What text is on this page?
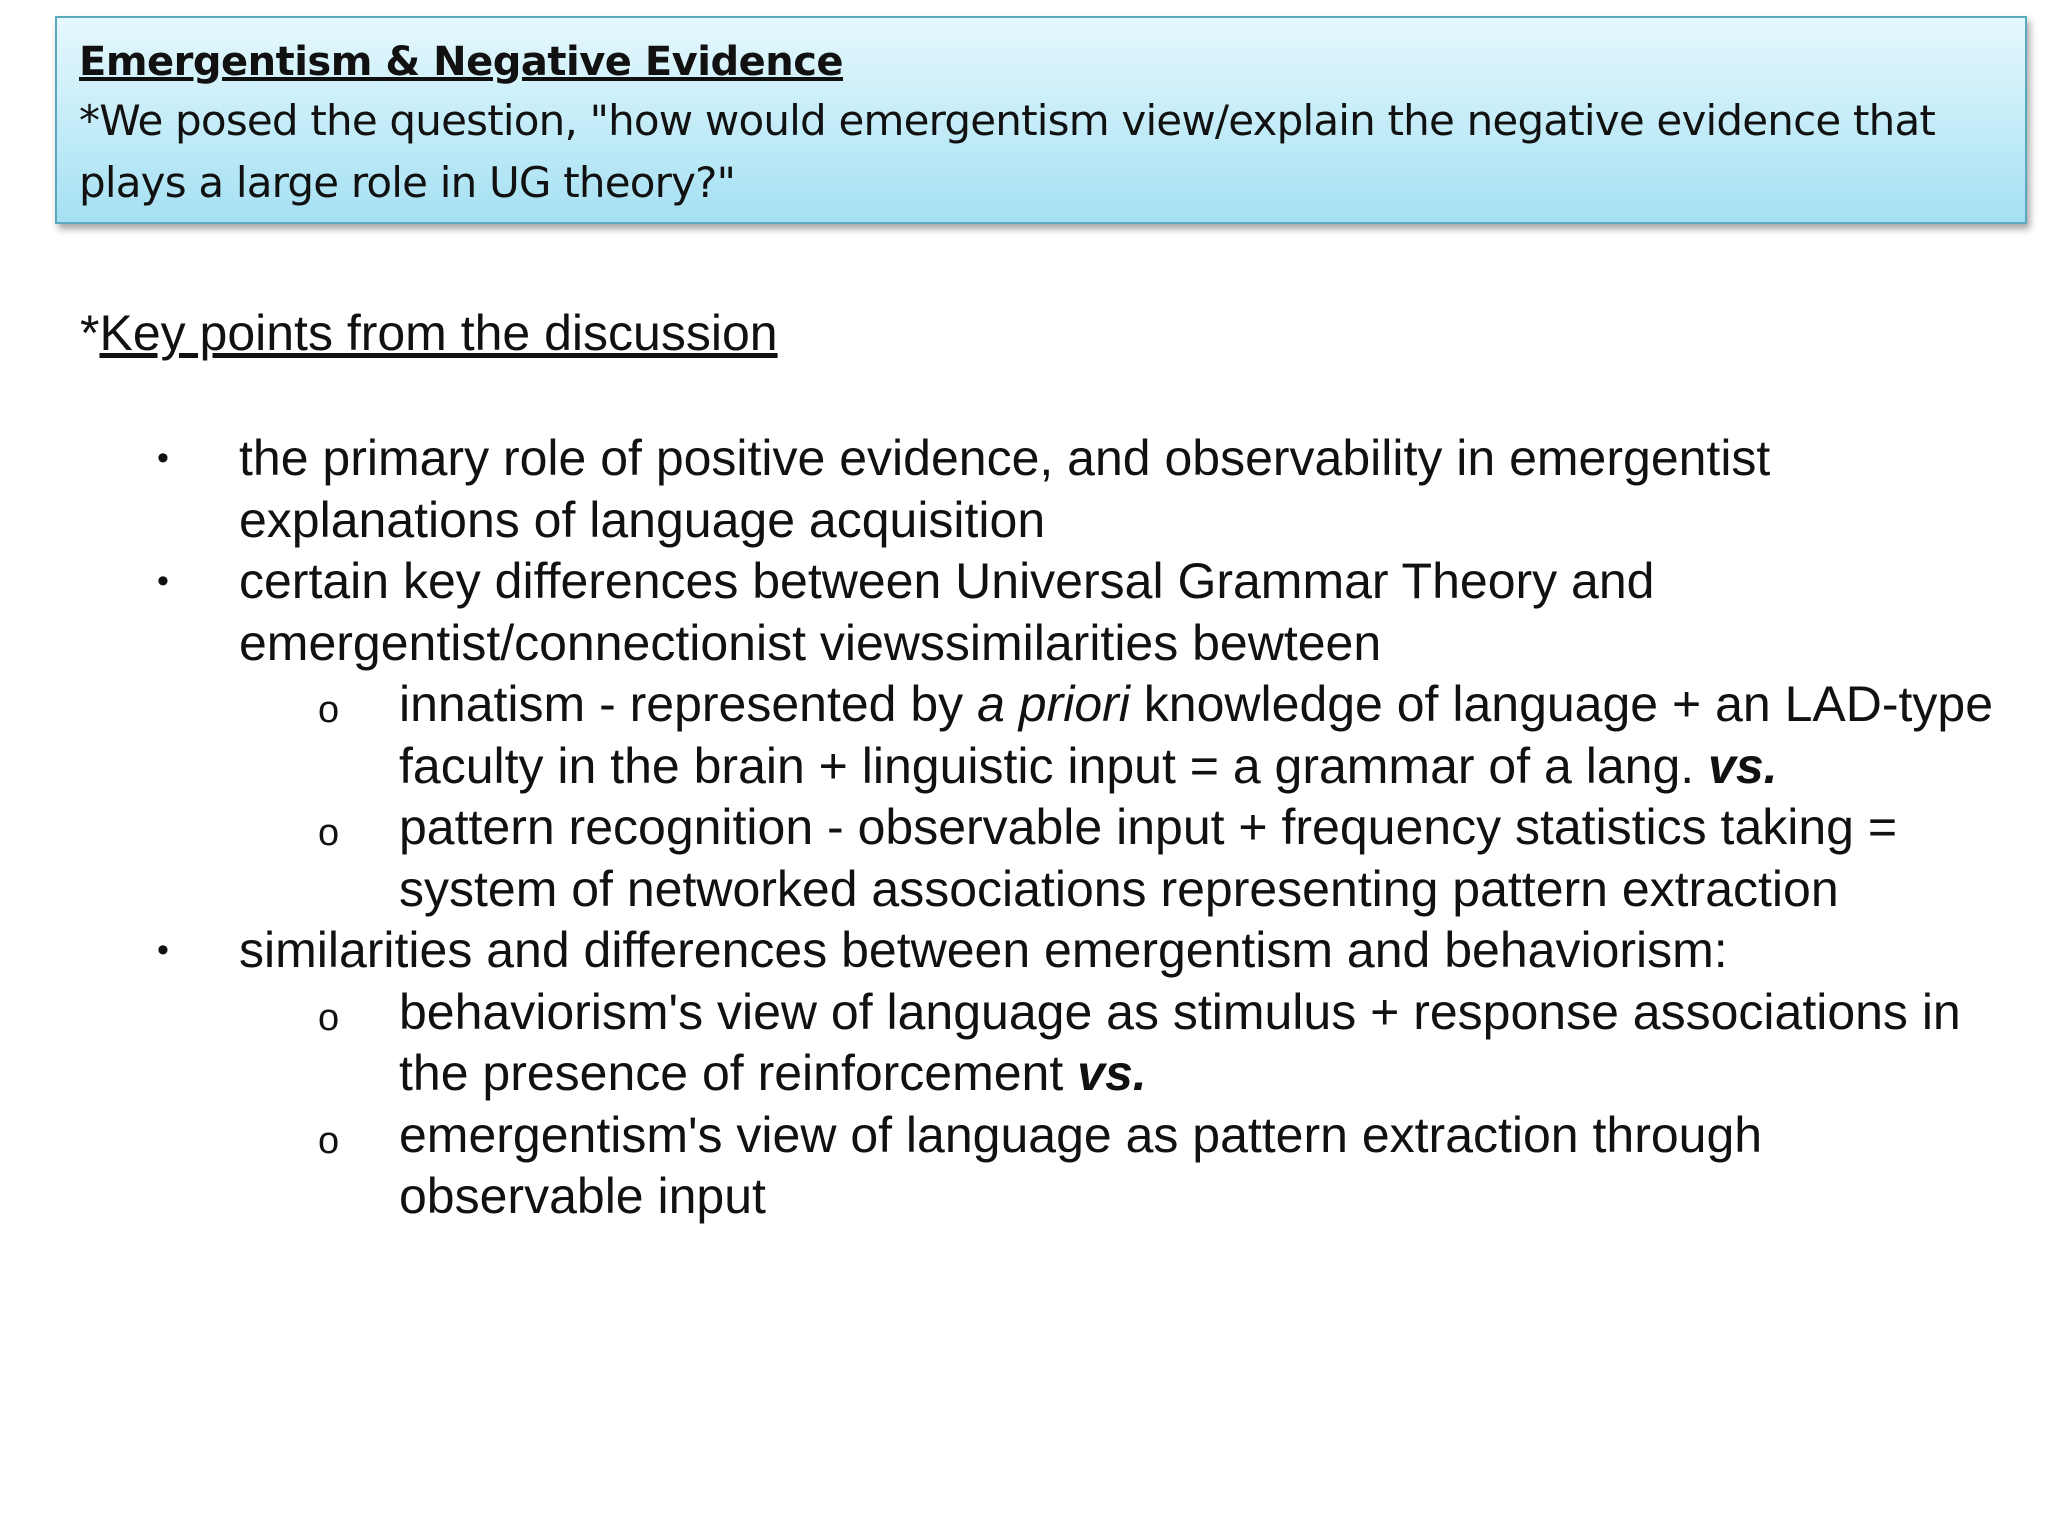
Emergentism & Negative Evidence

*We posed the question, "how would emergentism view/explain the negative evidence that plays a large role in UG theory?"

*Key points from the discussion

• the primary role of positive evidence, and observability in emergentist explanations of language acquisition
• certain key differences between Universal Grammar Theory and emergentist/connectionist viewssimilarities bewteen
o innatism - represented by a priori knowledge of language + an LAD-type faculty in the brain + linguistic input = a grammar of a lang. vs.
o pattern recognition - observable input + frequency statistics taking = system of networked associations representing pattern extraction
• similarities and differences between emergentism and behaviorism:
o behaviorism's view of language as stimulus + response associations in the presence of reinforcement vs.
o emergentism's view of language as pattern extraction through observable input
